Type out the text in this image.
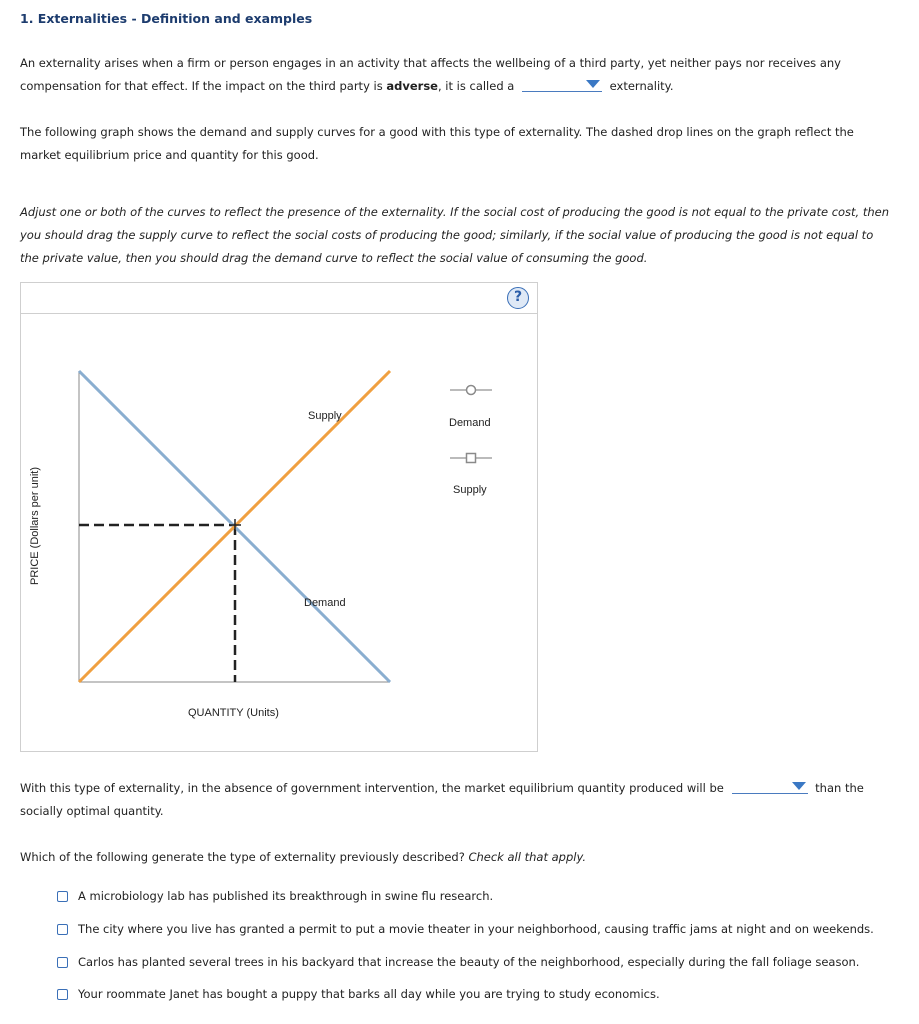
1. Externalities - Definition and examples
An externality arises when a firm or person engages in an activity that affects the wellbeing of a third party, yet neither pays nor receives any
compensation for that effect. If the impact on the third party is adverse, it is called a	externality.
The following graph shows the demand and supply curves for a good with this type of externality. The dashed drop lines on the graph reflect the
market equilibrium price and quantity for this good.
Adjust one or both of the curves to reflect the presence of the externality. If the social cost of producing the good is not equal to the private cost, then
you should drag the supply curve to reflect the social costs of producing the good; similarly, if the social value of producing the good is not equal to
the private value, then you should drag the demand curve to reflect the social value of consuming the good.
?
PRICE (Dollars per unit)
QUANTITY (Units)
Supply
Demand
Demand
Supply
With this type of externality, in the absence of government intervention, the market equilibrium quantity produced will be	than the
socially optimal quantity.
Which of the following generate the type of externality previously described? Check all that apply.
A microbiology lab has published its breakthrough in swine flu research.
The city where you live has granted a permit to put a movie theater in your neighborhood, causing traffic jams at night and on weekends.
Carlos has planted several trees in his backyard that increase the beauty of the neighborhood, especially during the fall foliage season.
Your roommate Janet has bought a puppy that barks all day while you are trying to study economics.
